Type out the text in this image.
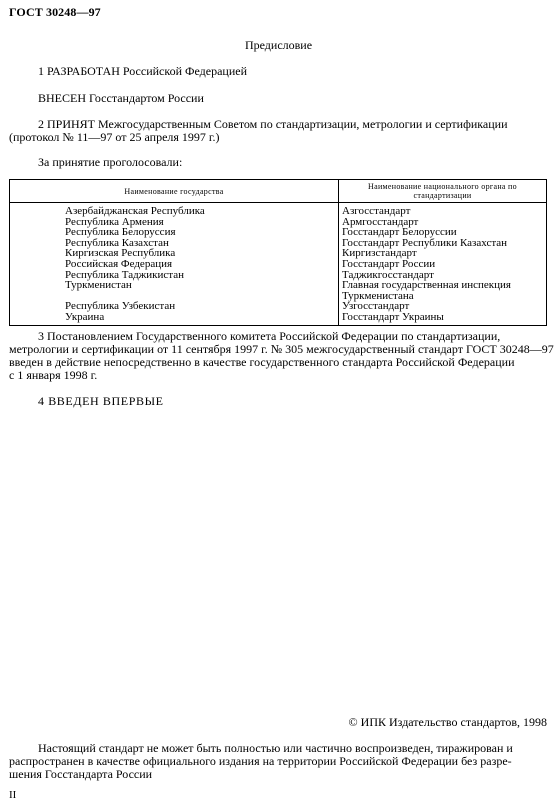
ГОСТ 30248—97
Предисловие
1 РАЗРАБОТАН Российской Федерацией
ВНЕСЕН Госстандартом России
2 ПРИНЯТ Межгосударственным Советом по стандартизации, метрологии и сертификации
(протокол № 11—97 от 25 апреля 1997 г.)
За принятие проголосовали:
Наименование государства	Наименование национального органа по стандартизации
Азербайджанская Республика	Азгосстандарт
Республика Армения	Армгосстандарт
Республика Белоруссия	Госстандарт Белоруссии
Республика Казахстан	Госстандарт Республики Казахстан
Киргизская Республика	Киргизстандарт
Российская Федерация	Госстандарт России
Республика Таджикистан	Таджикгосстандарт
Туркменистан	Главная государственная инспекция Туркменистана
Республика Узбекистан	Узгосстандарт
Украина	Госстандарт Украины
3 Постановлением Государственного комитета Российской Федерации по стандартизации,
метрологии и сертификации от 11 сентября 1997 г. № 305 межгосударственный стандарт ГОСТ 30248—97
введен в действие непосредственно в качестве государственного стандарта Российской Федерации
с 1 января 1998 г.
4 ВВЕДЕН ВПЕРВЫЕ
© ИПК Издательство стандартов, 1998
Настоящий стандарт не может быть полностью или частично воспроизведен, тиражирован и
распространен в качестве официального издания на территории Российской Федерации без разре-
шения Госстандарта России
II
